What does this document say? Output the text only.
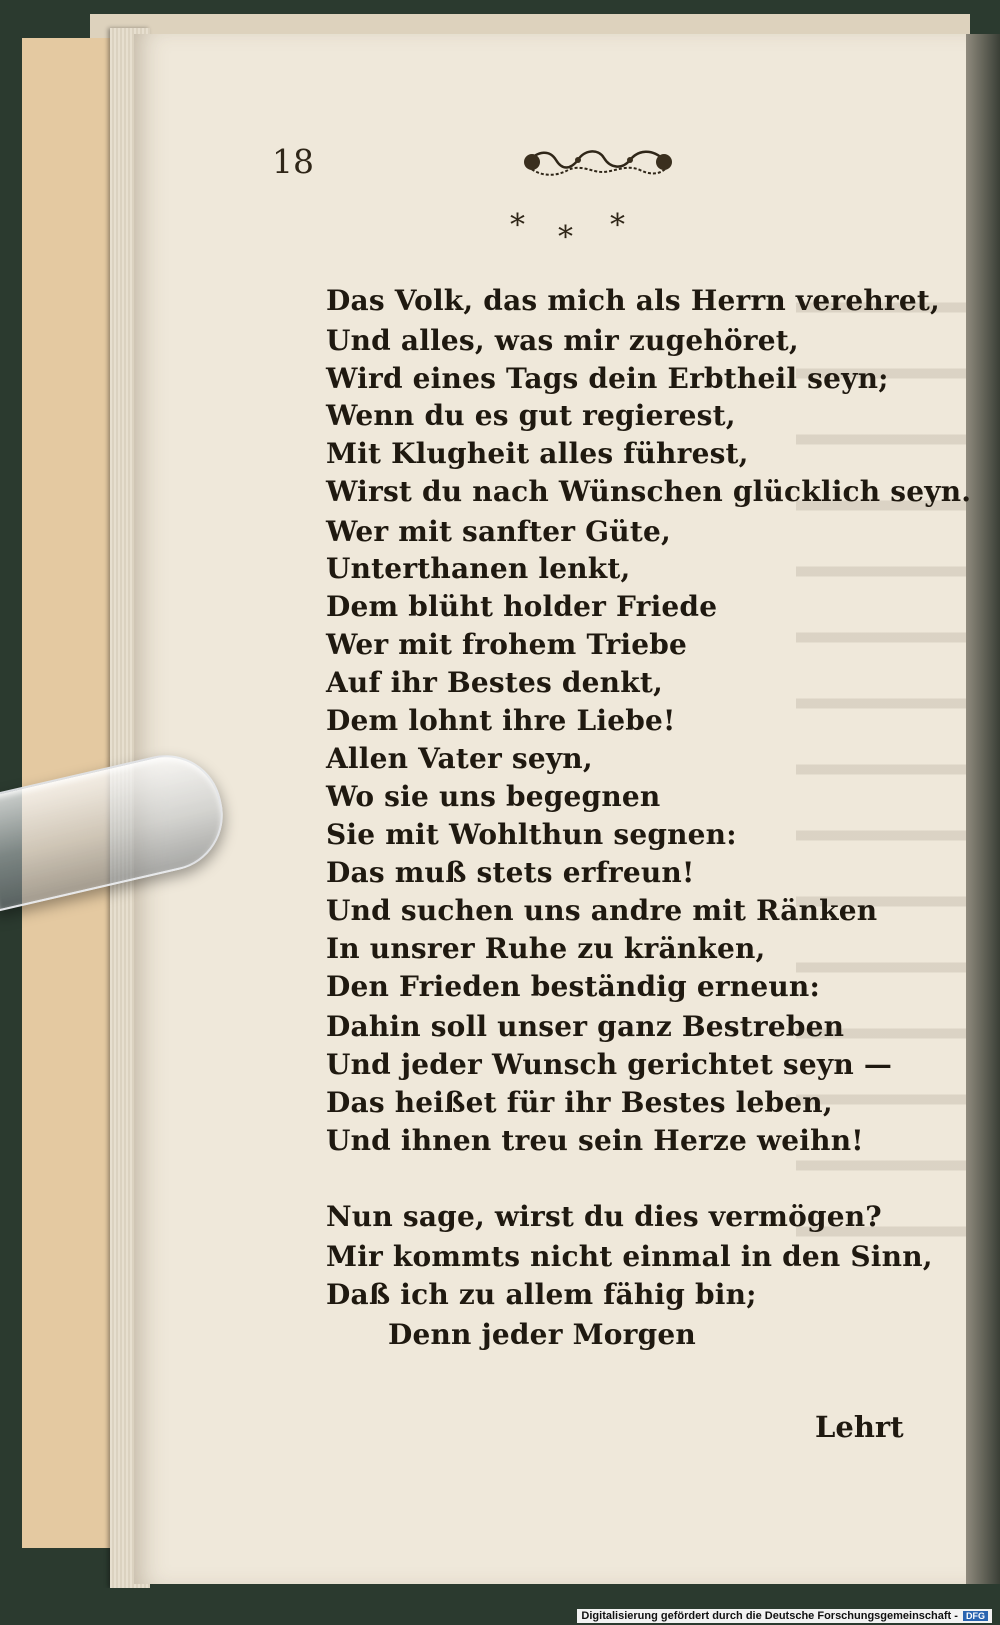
18
* * *
Das Volk, das mich als Herrn verehret,
Und alles, was mir zugehöret,
Wird eines Tags dein Erbtheil seyn;
Wenn du es gut regierest,
Mit Klugheit alles führest,
Wirst du nach Wünschen glücklich seyn.
Wer mit sanfter Güte,
Unterthanen lenkt,
Dem blüht holder Friede
Wer mit frohem Triebe
Auf ihr Bestes denkt,
Dem lohnt ihre Liebe!
Allen Vater seyn,
Wo sie uns begegnen
Sie mit Wohlthun segnen:
Das muß stets erfreun!
Und suchen uns andre mit Ränken
In unsrer Ruhe zu kränken,
Den Frieden beständig erneun:
Dahin soll unser ganz Bestreben
Und jeder Wunsch gerichtet seyn —
Das heißet für ihr Bestes leben,
Und ihnen treu sein Herze weihn!
Nun sage, wirst du dies vermögen?
Mir kommts nicht einmal in den Sinn,
Daß ich zu allem fähig bin;
Denn jeder Morgen
Lehrt
Digitalisierung gefördert durch die Deutsche Forschungsgemeinschaft - DFG
